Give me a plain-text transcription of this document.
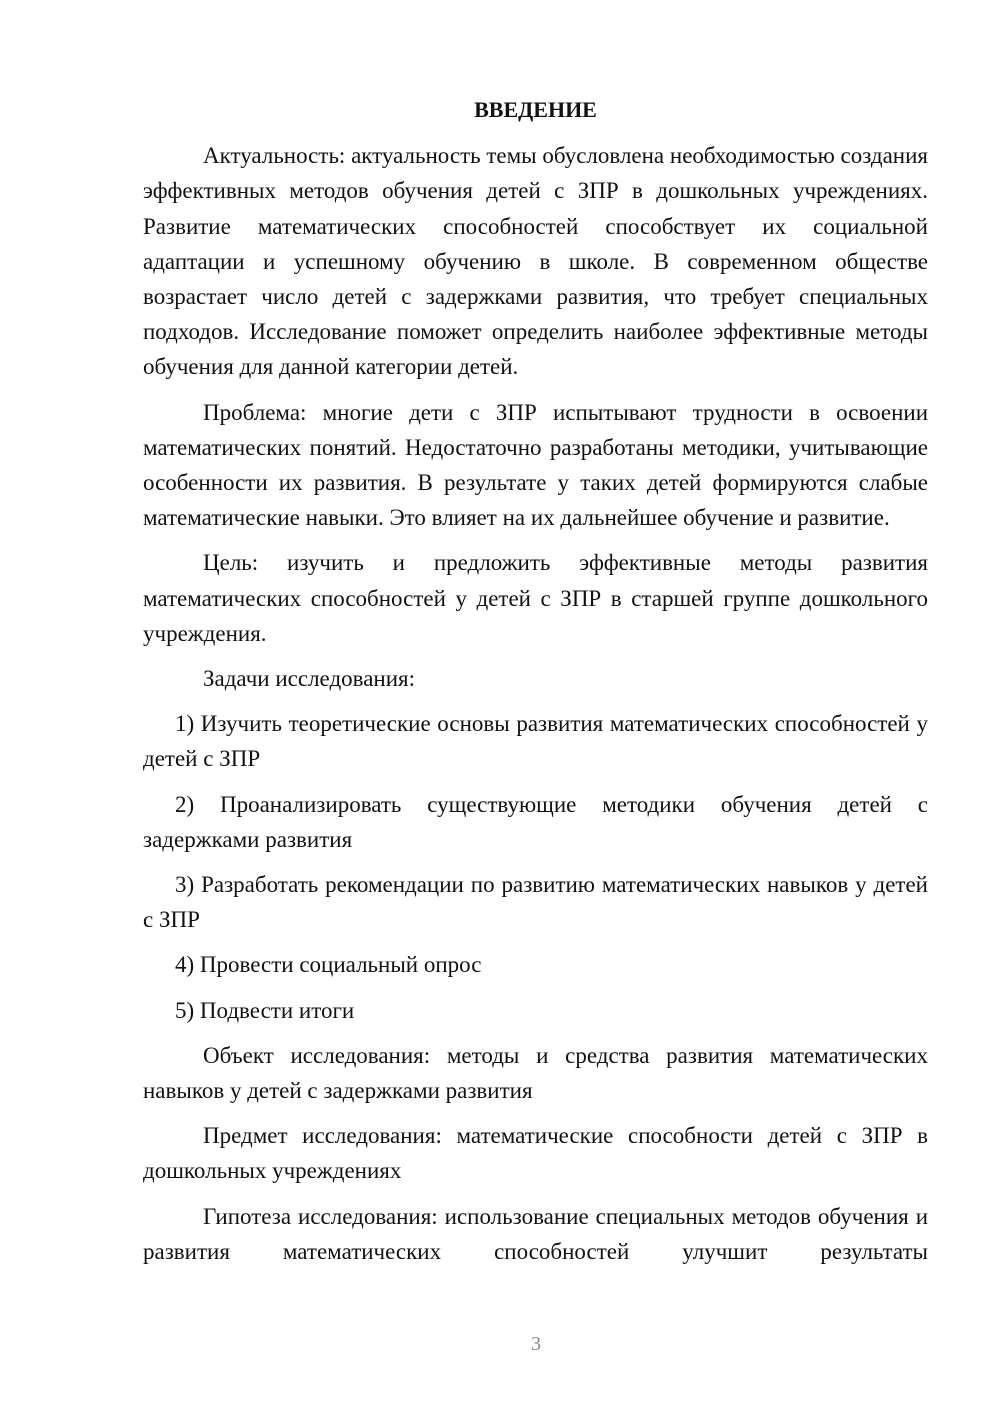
ВВЕДЕНИЕ

Актуальность: актуальность темы обусловлена необходимостью создания эффективных методов обучения детей с ЗПР в дошкольных учреждениях. Развитие математических способностей способствует их социальной адаптации и успешному обучению в школе. В современном обществе возрастает число детей с задержками развития, что требует специальных подходов. Исследование поможет определить наиболее эффективные методы обучения для данной категории детей.

Проблема: многие дети с ЗПР испытывают трудности в освоении математических понятий. Недостаточно разработаны методики, учитывающие особенности их развития. В результате у таких детей формируются слабые математические навыки. Это влияет на их дальнейшее обучение и развитие.

Цель: изучить и предложить эффективные методы развития математических способностей у детей с ЗПР в старшей группе дошкольного учреждения.

Задачи исследования:

1) Изучить теоретические основы развития математических способностей у детей с ЗПР

2) Проанализировать существующие методики обучения детей с задержками развития

3) Разработать рекомендации по развитию математических навыков у детей с ЗПР

4) Провести социальный опрос

5) Подвести итоги

Объект исследования: методы и средства развития математических навыков у детей с задержками развития

Предмет исследования: математические способности детей с ЗПР в дошкольных учреждениях

Гипотеза исследования: использование специальных методов обучения и развития математических способностей улучшит результаты

3
